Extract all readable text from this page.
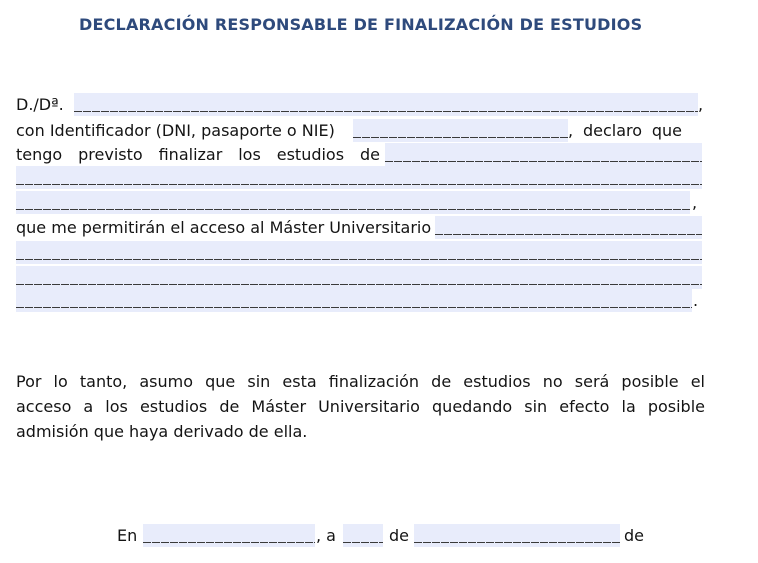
DECLARACIÓN RESPONSABLE DE FINALIZACIÓN DE ESTUDIOS
D./Dª.	,
con Identificador (DNI, pasaporte o NIE)	, declaro que
tengo previsto finalizar los estudios de
,
que me permitirán el acceso al Máster Universitario
.
Por lo tanto, asumo que sin esta finalización de estudios no será posible el
acceso a los estudios de Máster Universitario quedando sin efecto la posible
admisión que haya derivado de ella.
En	, a	de	de
